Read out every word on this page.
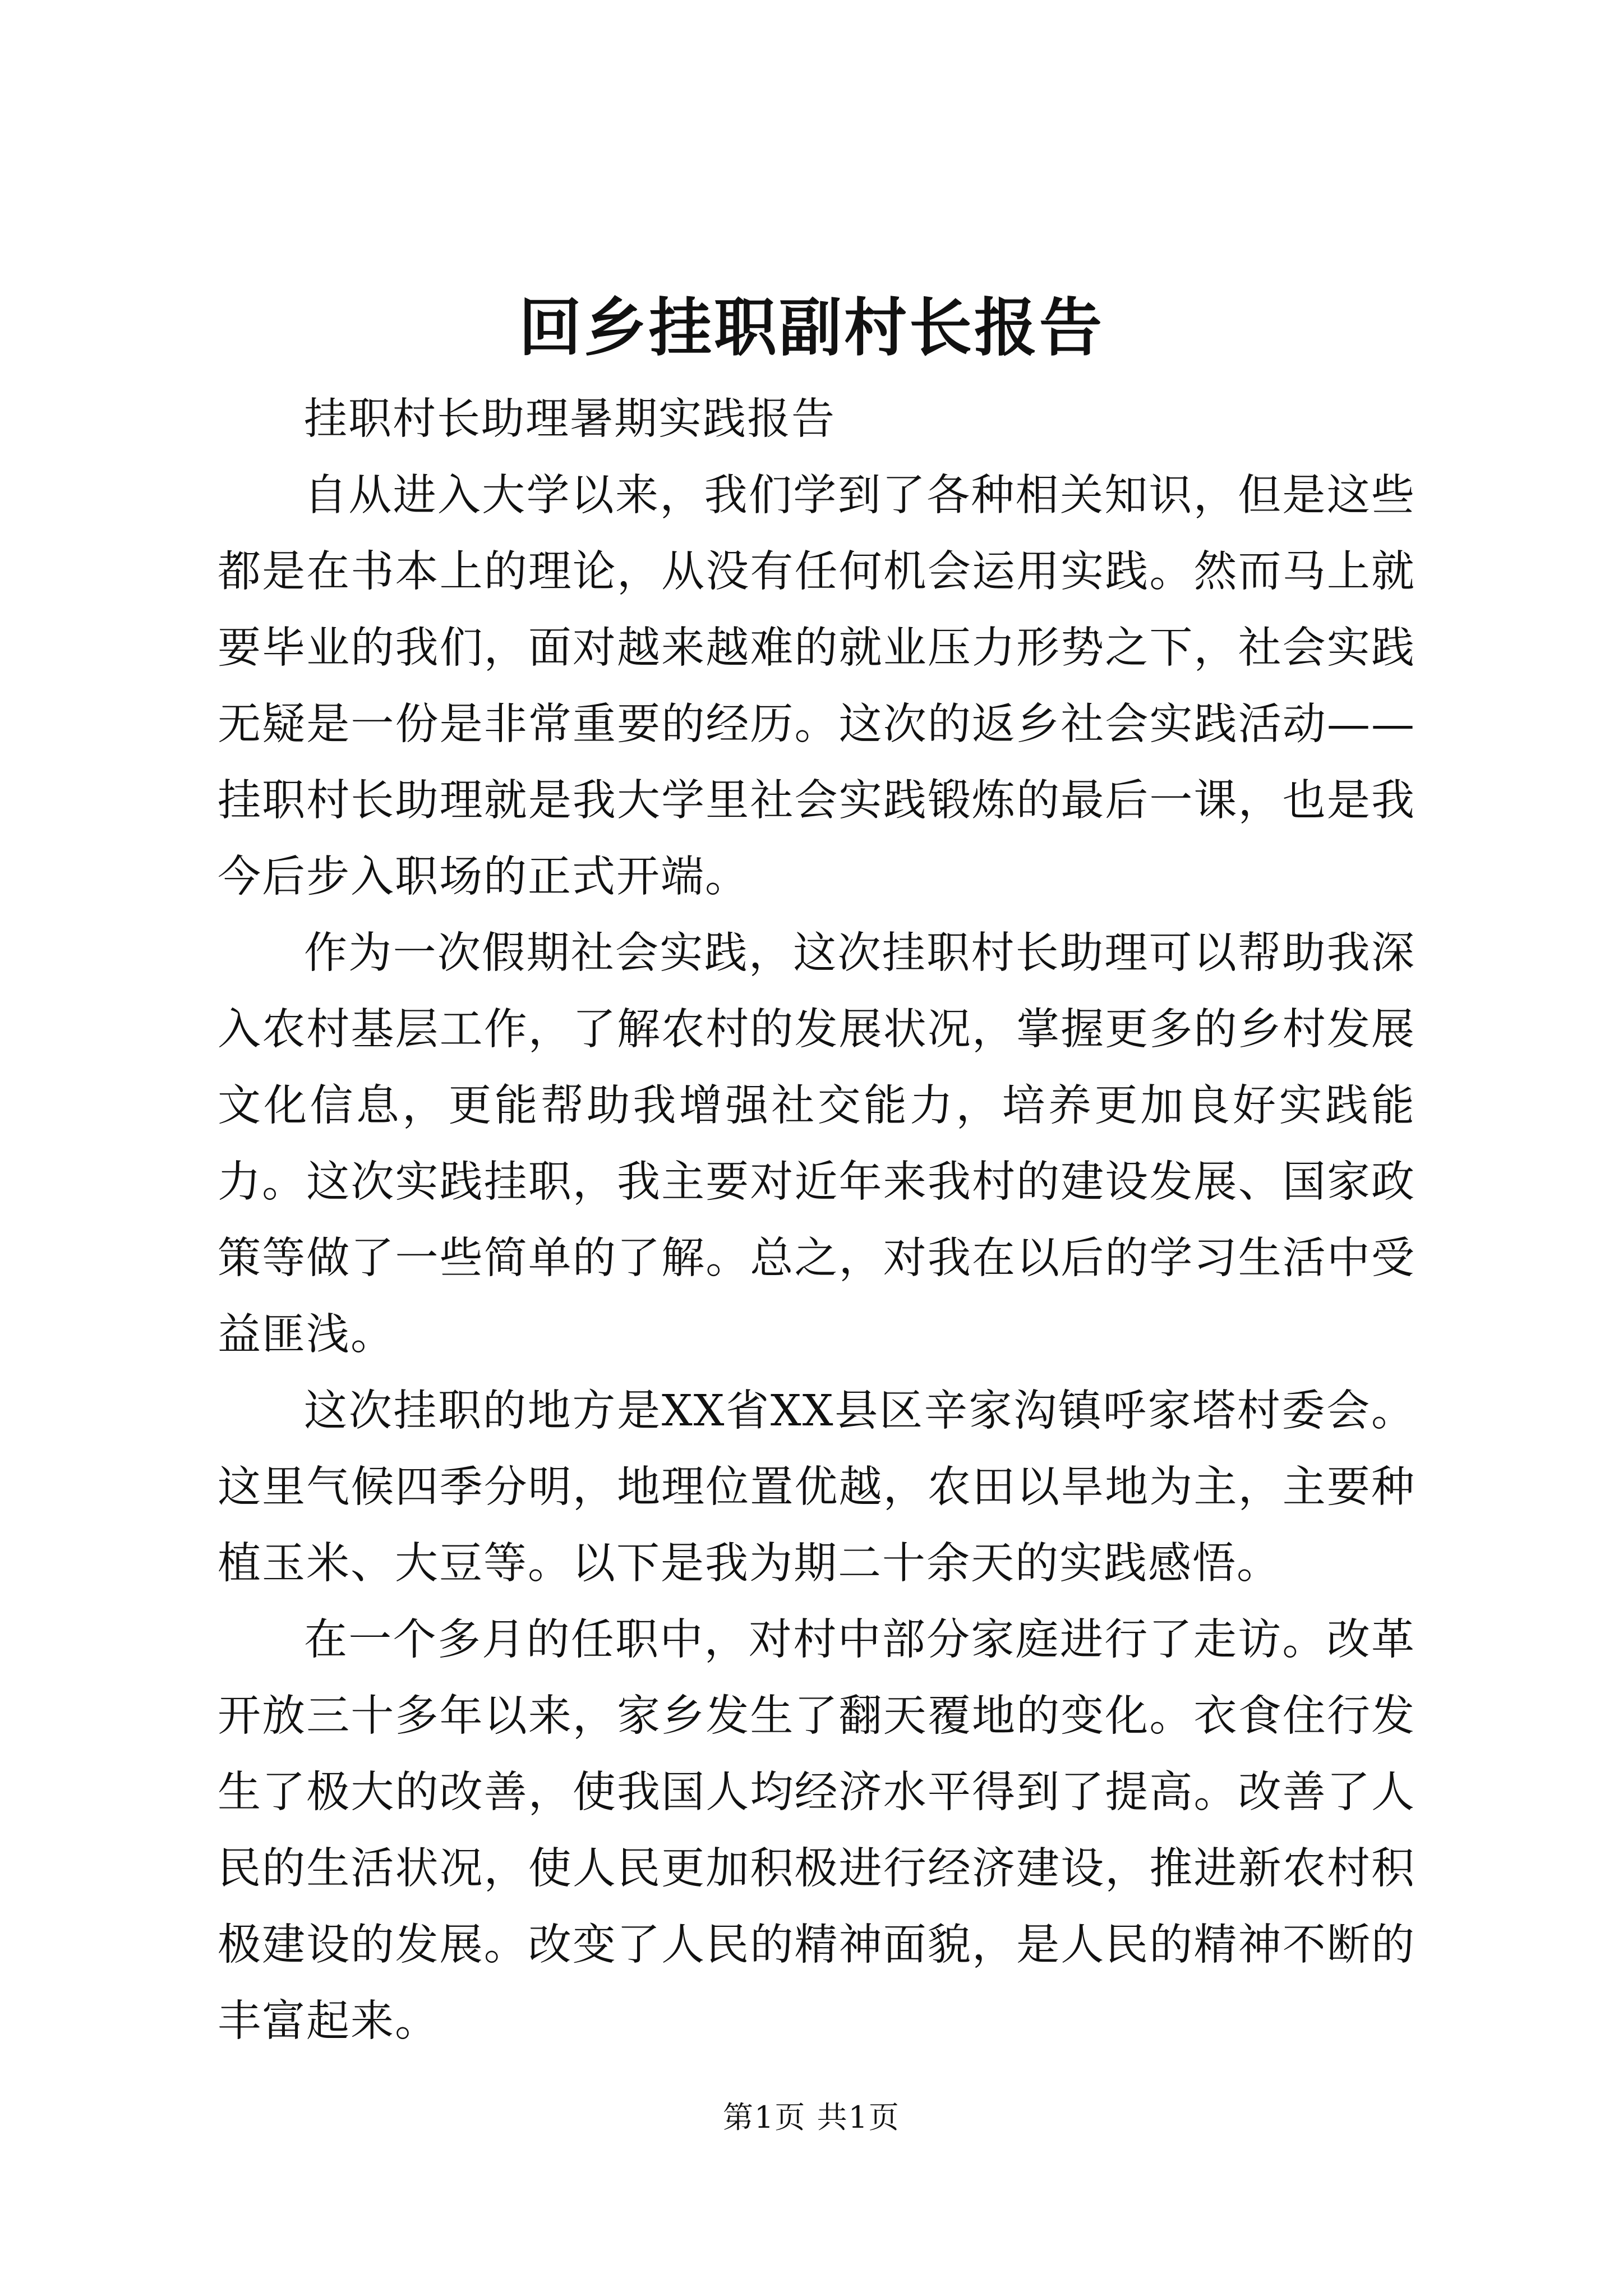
回乡挂职副村长报告

挂职村长助理暑期实践报告

自从进入大学以来，我们学到了各种相关知识，但是这些都是在书本上的理论，从没有任何机会运用实践。然而马上就要毕业的我们，面对越来越难的就业压力形势之下，社会实践无疑是一份是非常重要的经历。这次的返乡社会实践活动——挂职村长助理就是我大学里社会实践锻炼的最后一课，也是我今后步入职场的正式开端。

作为一次假期社会实践，这次挂职村长助理可以帮助我深入农村基层工作，了解农村的发展状况，掌握更多的乡村发展文化信息，更能帮助我增强社交能力，培养更加良好实践能力。这次实践挂职，我主要对近年来我村的建设发展、国家政策等做了一些简单的了解。总之，对我在以后的学习生活中受益匪浅。

这次挂职的地方是XX省XX县区辛家沟镇呼家塔村委会。这里气候四季分明，地理位置优越，农田以旱地为主，主要种植玉米、大豆等。以下是我为期二十余天的实践感悟。

在一个多月的任职中，对村中部分家庭进行了走访。改革开放三十多年以来，家乡发生了翻天覆地的变化。衣食住行发生了极大的改善，使我国人均经济水平得到了提高。改善了人民的生活状况，使人民更加积极进行经济建设，推进新农村积极建设的发展。改变了人民的精神面貌，是人民的精神不断的丰富起来。

第1页 共1页
